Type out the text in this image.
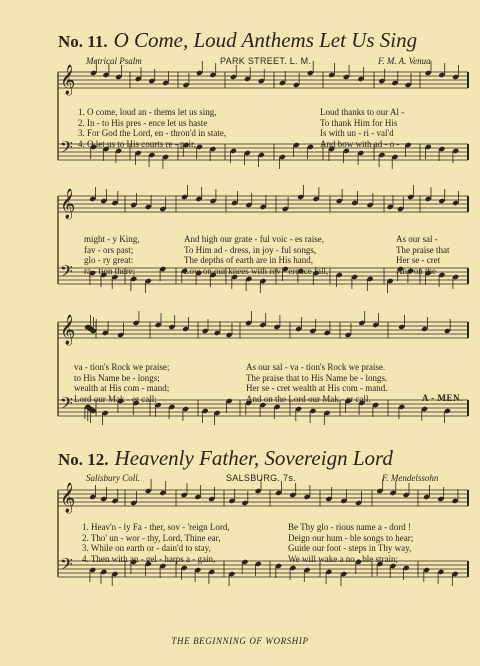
𝄞
𝄢
𝄞
𝄢
𝄞
𝄢
𝄞
𝄢
No. 11. O Come, Loud Anthems Let Us Sing
Metrical Psalm	PARK STREET. L. M.	F. M. A. Venua
1. O come, loud an - thems let us sing,	Loud thanks to our Al -
2. In - to His pres - ence let us haste	To thank Him for His
3. For God the Lord, en - thron'd in state,	Is with un - ri - val'd
4. O let us to His courts re - pair,	And bow with ad - o -
might - y King,	And high our grate - ful voic - es raise,	As our sal -
fav - ors past;	To Him ad - dress, in joy - ful songs,	The praise that
glo - ry great:	The depths of earth are in His hand,	Her se - cret
ra - tion there;	Low on our knees with rev - erence fall,	And on the
va - tion's Rock we praise;	As our sal - va - tion's Rock we praise.
to His Name be - longs;	The praise that to His Name be - longs.
wealth at His com - mand;	Her se - cret wealth at His com - mand.
Lord our Mak - er call;	And on the Lord our Mak - er call.	A - MEN.
No. 12. Heavenly Father, Sovereign Lord
Salisbury Coll.	SALSBURG. 7s.	F. Mendelssohn
1. Heav'n - ly Fa - ther, sov - 'reign Lord,	Be Thy glo - rious name a - dord !
2. Tho' un - wor - thy, Lord, Thine ear,	Deign our hum - ble songs to hear;
3. While on earth or - dain'd to stay,	Guide our foot - steps in Thy way,
4. Then with an - gel - harps a - gain,	We will wake a no - ble strain;
THE BEGINNING OF WORSHIP
